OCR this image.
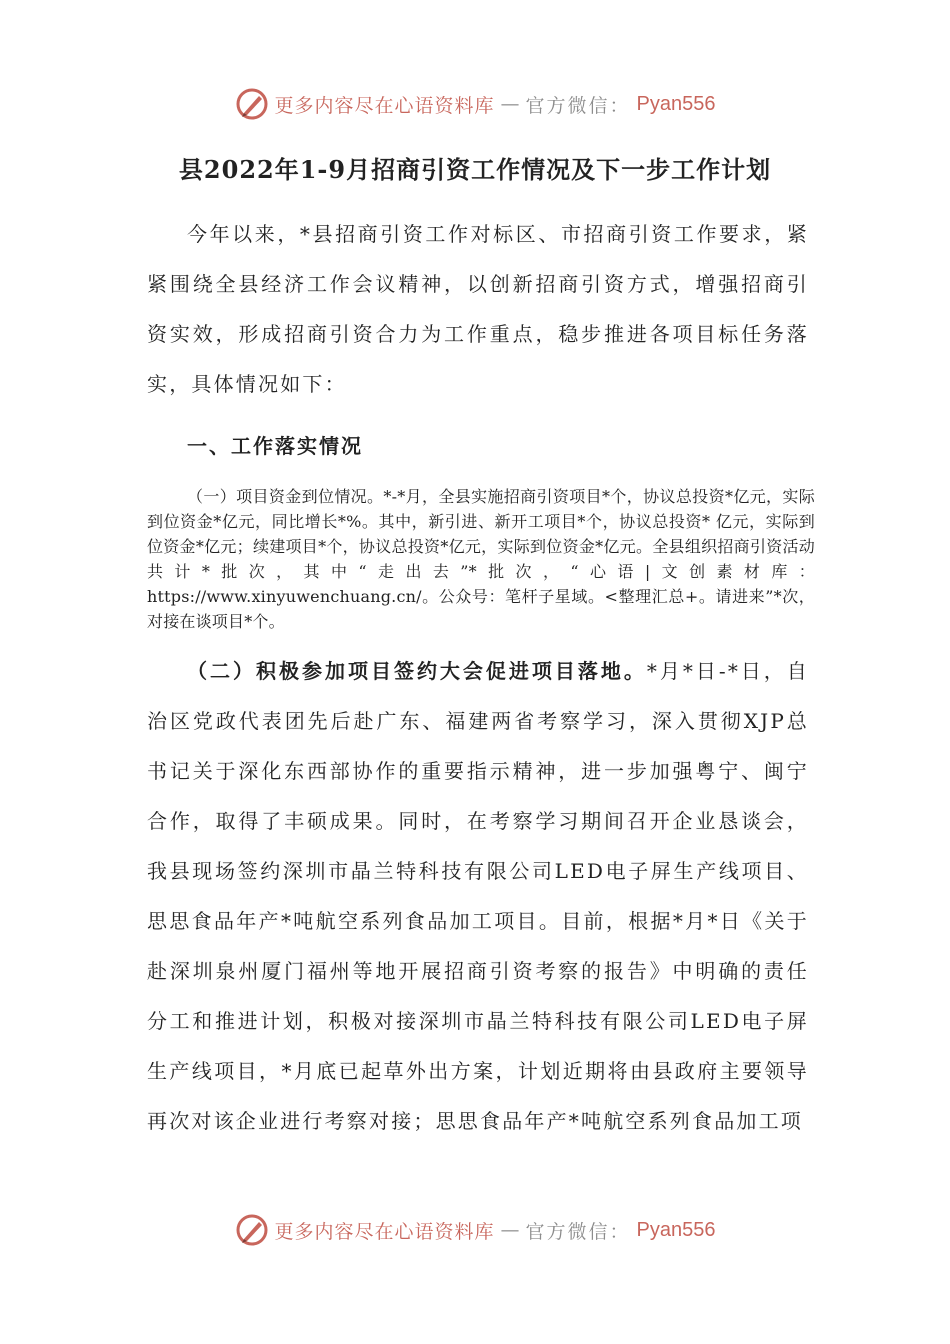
更多内容尽在心语资料库 — 官方微信： Pyan556
县2022年1-9月招商引资工作情况及下一步工作计划

今年以来，*县招商引资工作对标区、市招商引资工作要求，紧紧围绕全县经济工作会议精神，以创新招商引资方式，增强招商引资实效，形成招商引资合力为工作重点，稳步推进各项目标任务落实，具体情况如下：

一、工作落实情况

（一）项目资金到位情况。*-*月，全县实施招商引资项目*个，协议总投资*亿元，实际到位资金*亿元，同比增长*%。其中，新引进、新开工项目*个，协议总投资* 亿元，实际到位资金*亿元；续建项目*个，协议总投资*亿元，实际到位资金*亿元。全县组织招商引资活动共计*批次，其中“走出去”*批次，“心语|文创素材库：https://www.xinyuwenchuang.cn/。公众号：笔杆子星域。<整理汇总+。请进来”*次，对接在谈项目*个。

（二）积极参加项目签约大会促进项目落地。*月*日-*日，自治区党政代表团先后赴广东、福建两省考察学习，深入贯彻XJP总书记关于深化东西部协作的重要指示精神，进一步加强粤宁、闽宁合作，取得了丰硕成果。同时，在考察学习期间召开企业恳谈会，我县现场签约深圳市晶兰特科技有限公司LED电子屏生产线项目、思思食品年产*吨航空系列食品加工项目。目前，根据*月*日《关于赴深圳泉州厦门福州等地开展招商引资考察的报告》中明确的责任分工和推进计划，积极对接深圳市晶兰特科技有限公司LED电子屏生产线项目，*月底已起草外出方案，计划近期将由县政府主要领导再次对该企业进行考察对接；思思食品年产*吨航空系列食品加工项

更多内容尽在心语资料库 — 官方微信： Pyan556
